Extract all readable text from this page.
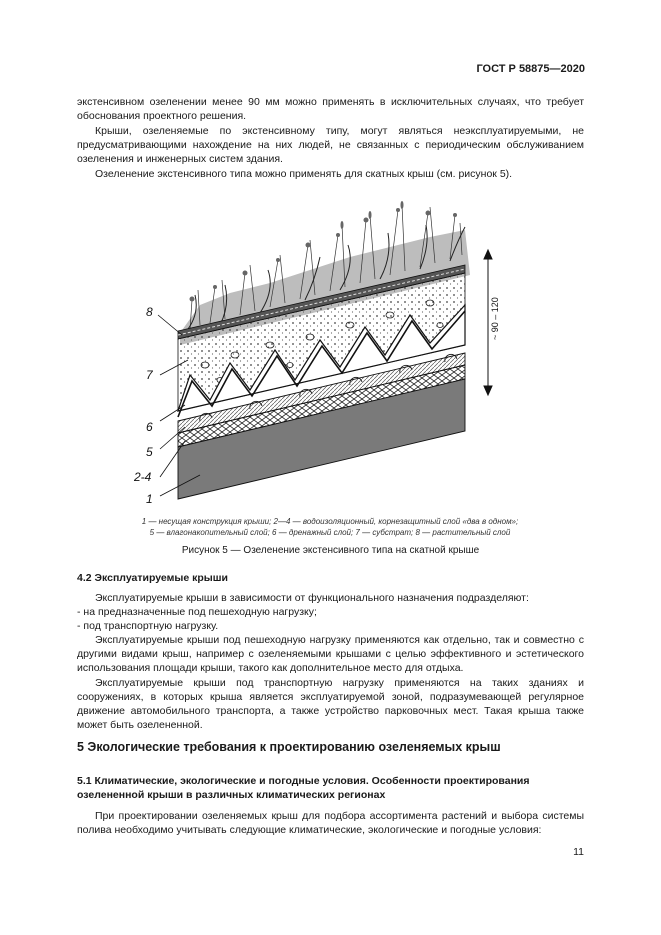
ГОСТ Р 58875—2020

экстенсивном озеленении менее 90 мм можно применять в исключительных случаях, что требует обоснования проектного решения.

Крыши, озеленяемые по экстенсивному типу, могут являться неэксплуатируемыми, не предусматривающими нахождение на них людей, не связанных с периодическим обслуживанием озеленения и инженерных систем здания.

Озеленение экстенсивного типа можно применять для скатных крыш (см. рисунок 5).

~ 90 – 120
8
7
6
5
2-4
1
1 — несущая конструкция крыши; 2—4 — водоизоляционный, корнезащитный слой «два в одном»;
5 — влагонакопительный слой; 6 — дренажный слой; 7 — субстрат; 8 — растительный слой
Рисунок 5 — Озеленение экстенсивного типа на скатной крыше
4.2 Эксплуатируемые крыши

Эксплуатируемые крыши в зависимости от функционального назначения подразделяют:

- на предназначенные под пешеходную нагрузку;
- под транспортную нагрузку.

Эксплуатируемые крыши под пешеходную нагрузку применяются как отдельно, так и совместно с другими видами крыш, например с озеленяемыми крышами с целью эффективного и эстетического использования площади крыши, такого как дополнительное место для отдыха.

Эксплуатируемые крыши под транспортную нагрузку применяются на таких зданиях и сооружениях, в которых крыша является эксплуатируемой зоной, подразумевающей регулярное движение автомобильного транспорта, а также устройство парковочных мест. Такая крыша также может быть озелененной.

5 Экологические требования к проектированию озеленяемых крыш

5.1 Климатические, экологические и погодные условия. Особенности проектирования озелененной крыши в различных климатических регионах

При проектировании озеленяемых крыш для подбора ассортимента растений и выбора системы полива необходимо учитывать следующие климатические, экологические и погодные условия:

11
